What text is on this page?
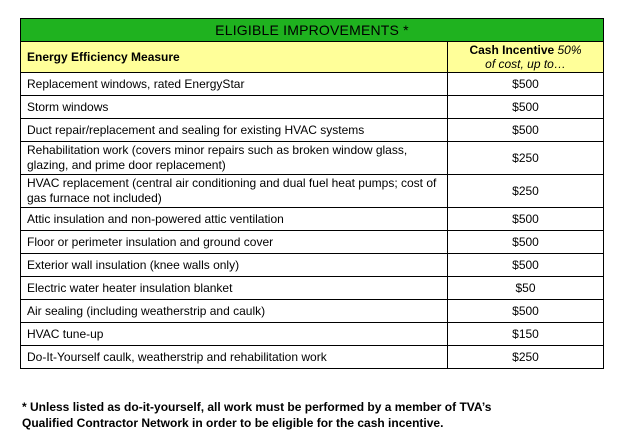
ELIGIBLE IMPROVEMENTS *	
Energy Efficiency Measure	Cash Incentive 50%
of cost, up to…
Replacement windows, rated EnergyStar	$500
Storm windows	$500
Duct repair/replacement and sealing for existing HVAC systems	$500
Rehabilitation work (covers minor repairs such as broken window glass, glazing, and prime door replacement)	$250
HVAC replacement (central air conditioning and dual fuel heat pumps; cost of gas furnace not included)	$250
Attic insulation and non-powered attic ventilation	$500
Floor or perimeter insulation and ground cover	$500
Exterior wall insulation (knee walls only)	$500
Electric water heater insulation blanket	$50
Air sealing (including weatherstrip and caulk)	$500
HVAC tune-up	$150
Do-It-Yourself caulk, weatherstrip and rehabilitation work	$250
* Unless listed as do-it-yourself, all work must be performed by a member of TVA’s
Qualified Contractor Network in order to be eligible for the cash incentive.
